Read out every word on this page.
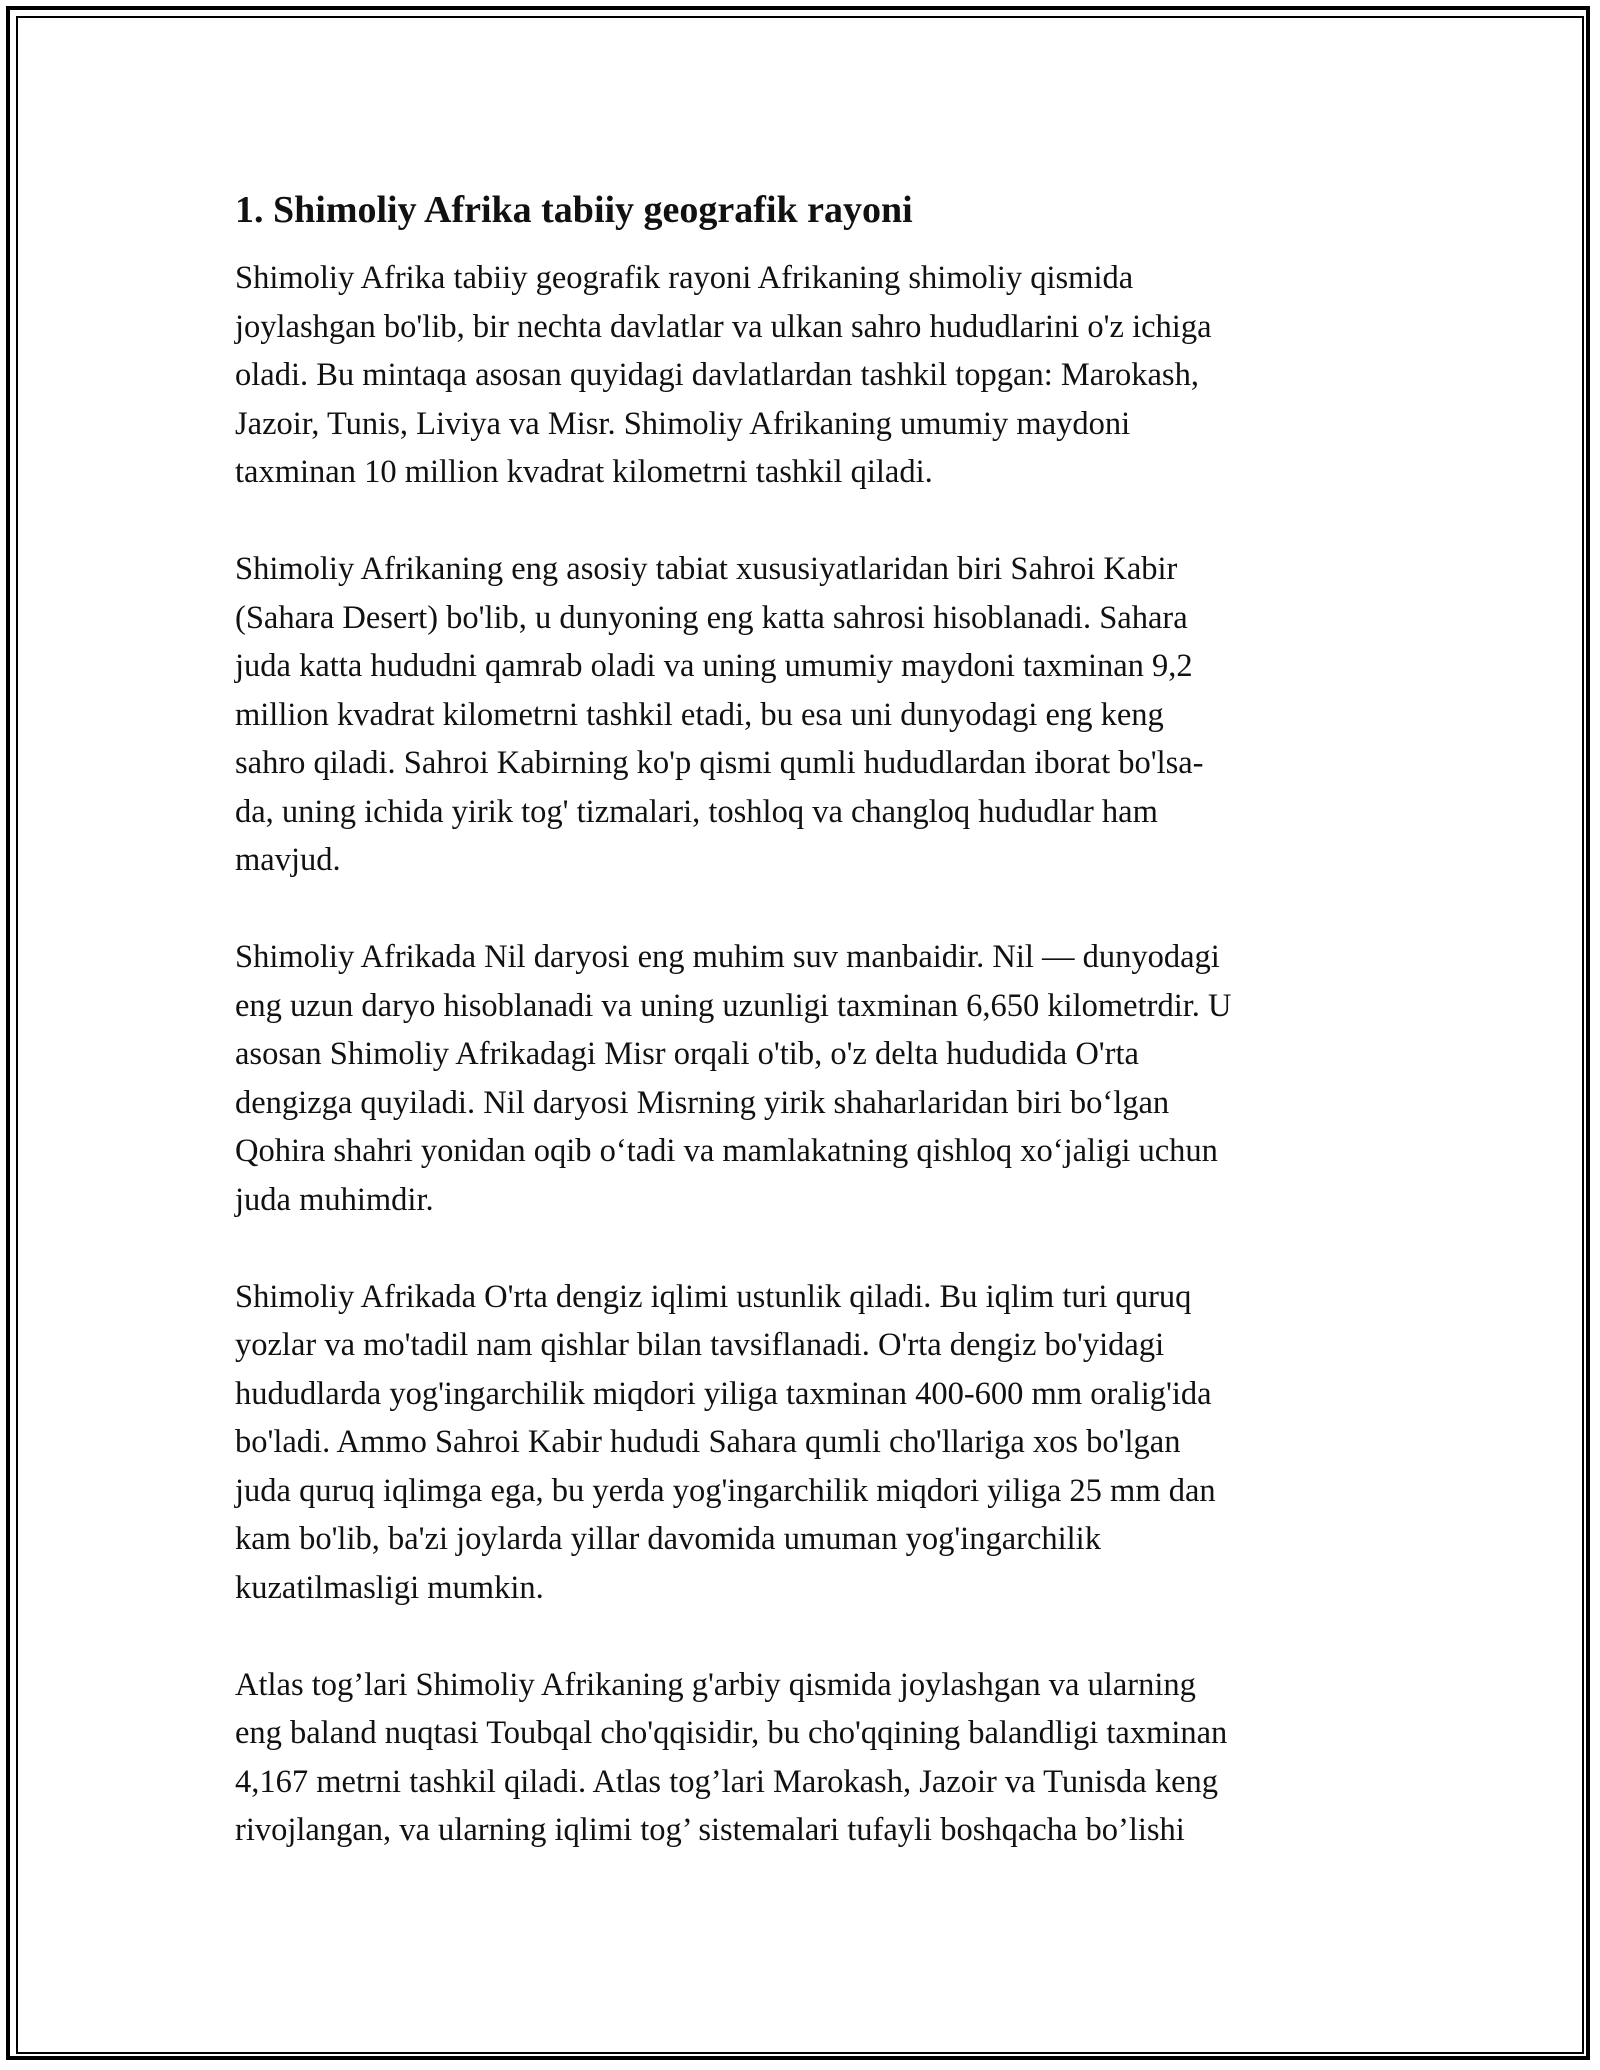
1. Shimoliy Afrika tabiiy geografik rayoni

Shimoliy Afrika tabiiy geografik rayoni Afrikaning shimoliy qismida
joylashgan bo'lib, bir nechta davlatlar va ulkan sahro hududlarini o'z ichiga
oladi. Bu mintaqa asosan quyidagi davlatlardan tashkil topgan: Marokash,
Jazoir, Tunis, Liviya va Misr. Shimoliy Afrikaning umumiy maydoni
taxminan 10 million kvadrat kilometrni tashkil qiladi.

Shimoliy Afrikaning eng asosiy tabiat xususiyatlaridan biri Sahroi Kabir
(Sahara Desert) bo'lib, u dunyoning eng katta sahrosi hisoblanadi. Sahara
juda katta hududni qamrab oladi va uning umumiy maydoni taxminan 9,2
million kvadrat kilometrni tashkil etadi, bu esa uni dunyodagi eng keng
sahro qiladi. Sahroi Kabirning ko'p qismi qumli hududlardan iborat bo'lsa-
da, uning ichida yirik tog' tizmalari, toshloq va changloq hududlar ham
mavjud.

Shimoliy Afrikada Nil daryosi eng muhim suv manbaidir. Nil — dunyodagi
eng uzun daryo hisoblanadi va uning uzunligi taxminan 6,650 kilometrdir. U
asosan Shimoliy Afrikadagi Misr orqali o'tib, o'z delta hududida O'rta
dengizga quyiladi. Nil daryosi Misrning yirik shaharlaridan biri bo‘lgan
Qohira shahri yonidan oqib o‘tadi va mamlakatning qishloq xo‘jaligi uchun
juda muhimdir.

Shimoliy Afrikada O'rta dengiz iqlimi ustunlik qiladi. Bu iqlim turi quruq
yozlar va mo'tadil nam qishlar bilan tavsiflanadi. O'rta dengiz bo'yidagi
hududlarda yog'ingarchilik miqdori yiliga taxminan 400-600 mm oralig'ida
bo'ladi. Ammo Sahroi Kabir hududi Sahara qumli cho'llariga xos bo'lgan
juda quruq iqlimga ega, bu yerda yog'ingarchilik miqdori yiliga 25 mm dan
kam bo'lib, ba'zi joylarda yillar davomida umuman yog'ingarchilik
kuzatilmasligi mumkin.

Atlas tog’lari Shimoliy Afrikaning g'arbiy qismida joylashgan va ularning
eng baland nuqtasi Toubqal cho'qqisidir, bu cho'qqining balandligi taxminan
4,167 metrni tashkil qiladi. Atlas tog’lari Marokash, Jazoir va Tunisda keng
rivojlangan, va ularning iqlimi tog’ sistemalari tufayli boshqacha bo’lishi
